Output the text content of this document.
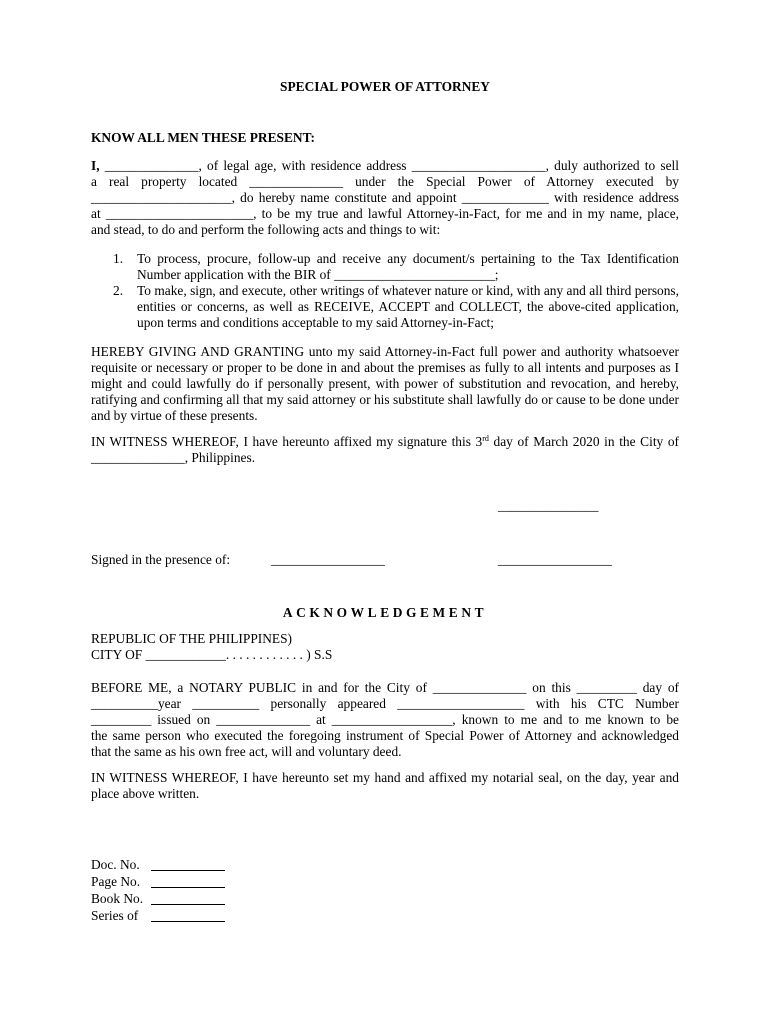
SPECIAL POWER OF ATTORNEY
KNOW ALL MEN THESE PRESENT:
I, ______________, of legal age, with residence address ____________________, duly authorized to sell
a real property located ______________ under the Special Power of Attorney executed by
_____________________, do hereby name constitute and appoint _____________ with residence address
at ______________________, to be my true and lawful Attorney-in-Fact, for me and in my name, place,
and stead, to do and perform the following acts and things to wit:
1. To process, procure, follow-up and receive any document/s pertaining to the Tax Identification Number application with the BIR of ________________________;
2. To make, sign, and execute, other writings of whatever nature or kind, with any and all third persons, entities or concerns, as well as RECEIVE, ACCEPT and COLLECT, the above-cited application, upon terms and conditions acceptable to my said Attorney-in-Fact;
HEREBY GIVING AND GRANTING unto my said Attorney-in-Fact full power and authority whatsoever requisite or necessary or proper to be done in and about the premises as fully to all intents and purposes as I might and could lawfully do if personally present, with power of substitution and revocation, and hereby, ratifying and confirming all that my said attorney or his substitute shall lawfully do or cause to be done under and by virtue of these presents.
IN WITNESS WHEREOF, I have hereunto affixed my signature this 3rd day of March 2020 in the City of
______________, Philippines.
_______________
Signed in the presence of:	_________________	_________________
ACKNOWLEDGEMENT
REPUBLIC OF THE PHILIPPINES)
CITY OF ____________. . . . . . . . . . . . ) S.S
BEFORE ME, a NOTARY PUBLIC in and for the City of ______________ on this _________ day of
__________year __________ personally appeared ___________________ with his CTC Number
_________ issued on ______________ at __________________, known to me and to me known to be
the same person who executed the foregoing instrument of Special Power of Attorney and acknowledged
that the same as his own free act, will and voluntary deed.
IN WITNESS WHEREOF, I have hereunto set my hand and affixed my notarial seal, on the day, year and place above written.
Doc. No.
Page No.
Book No.
Series of
